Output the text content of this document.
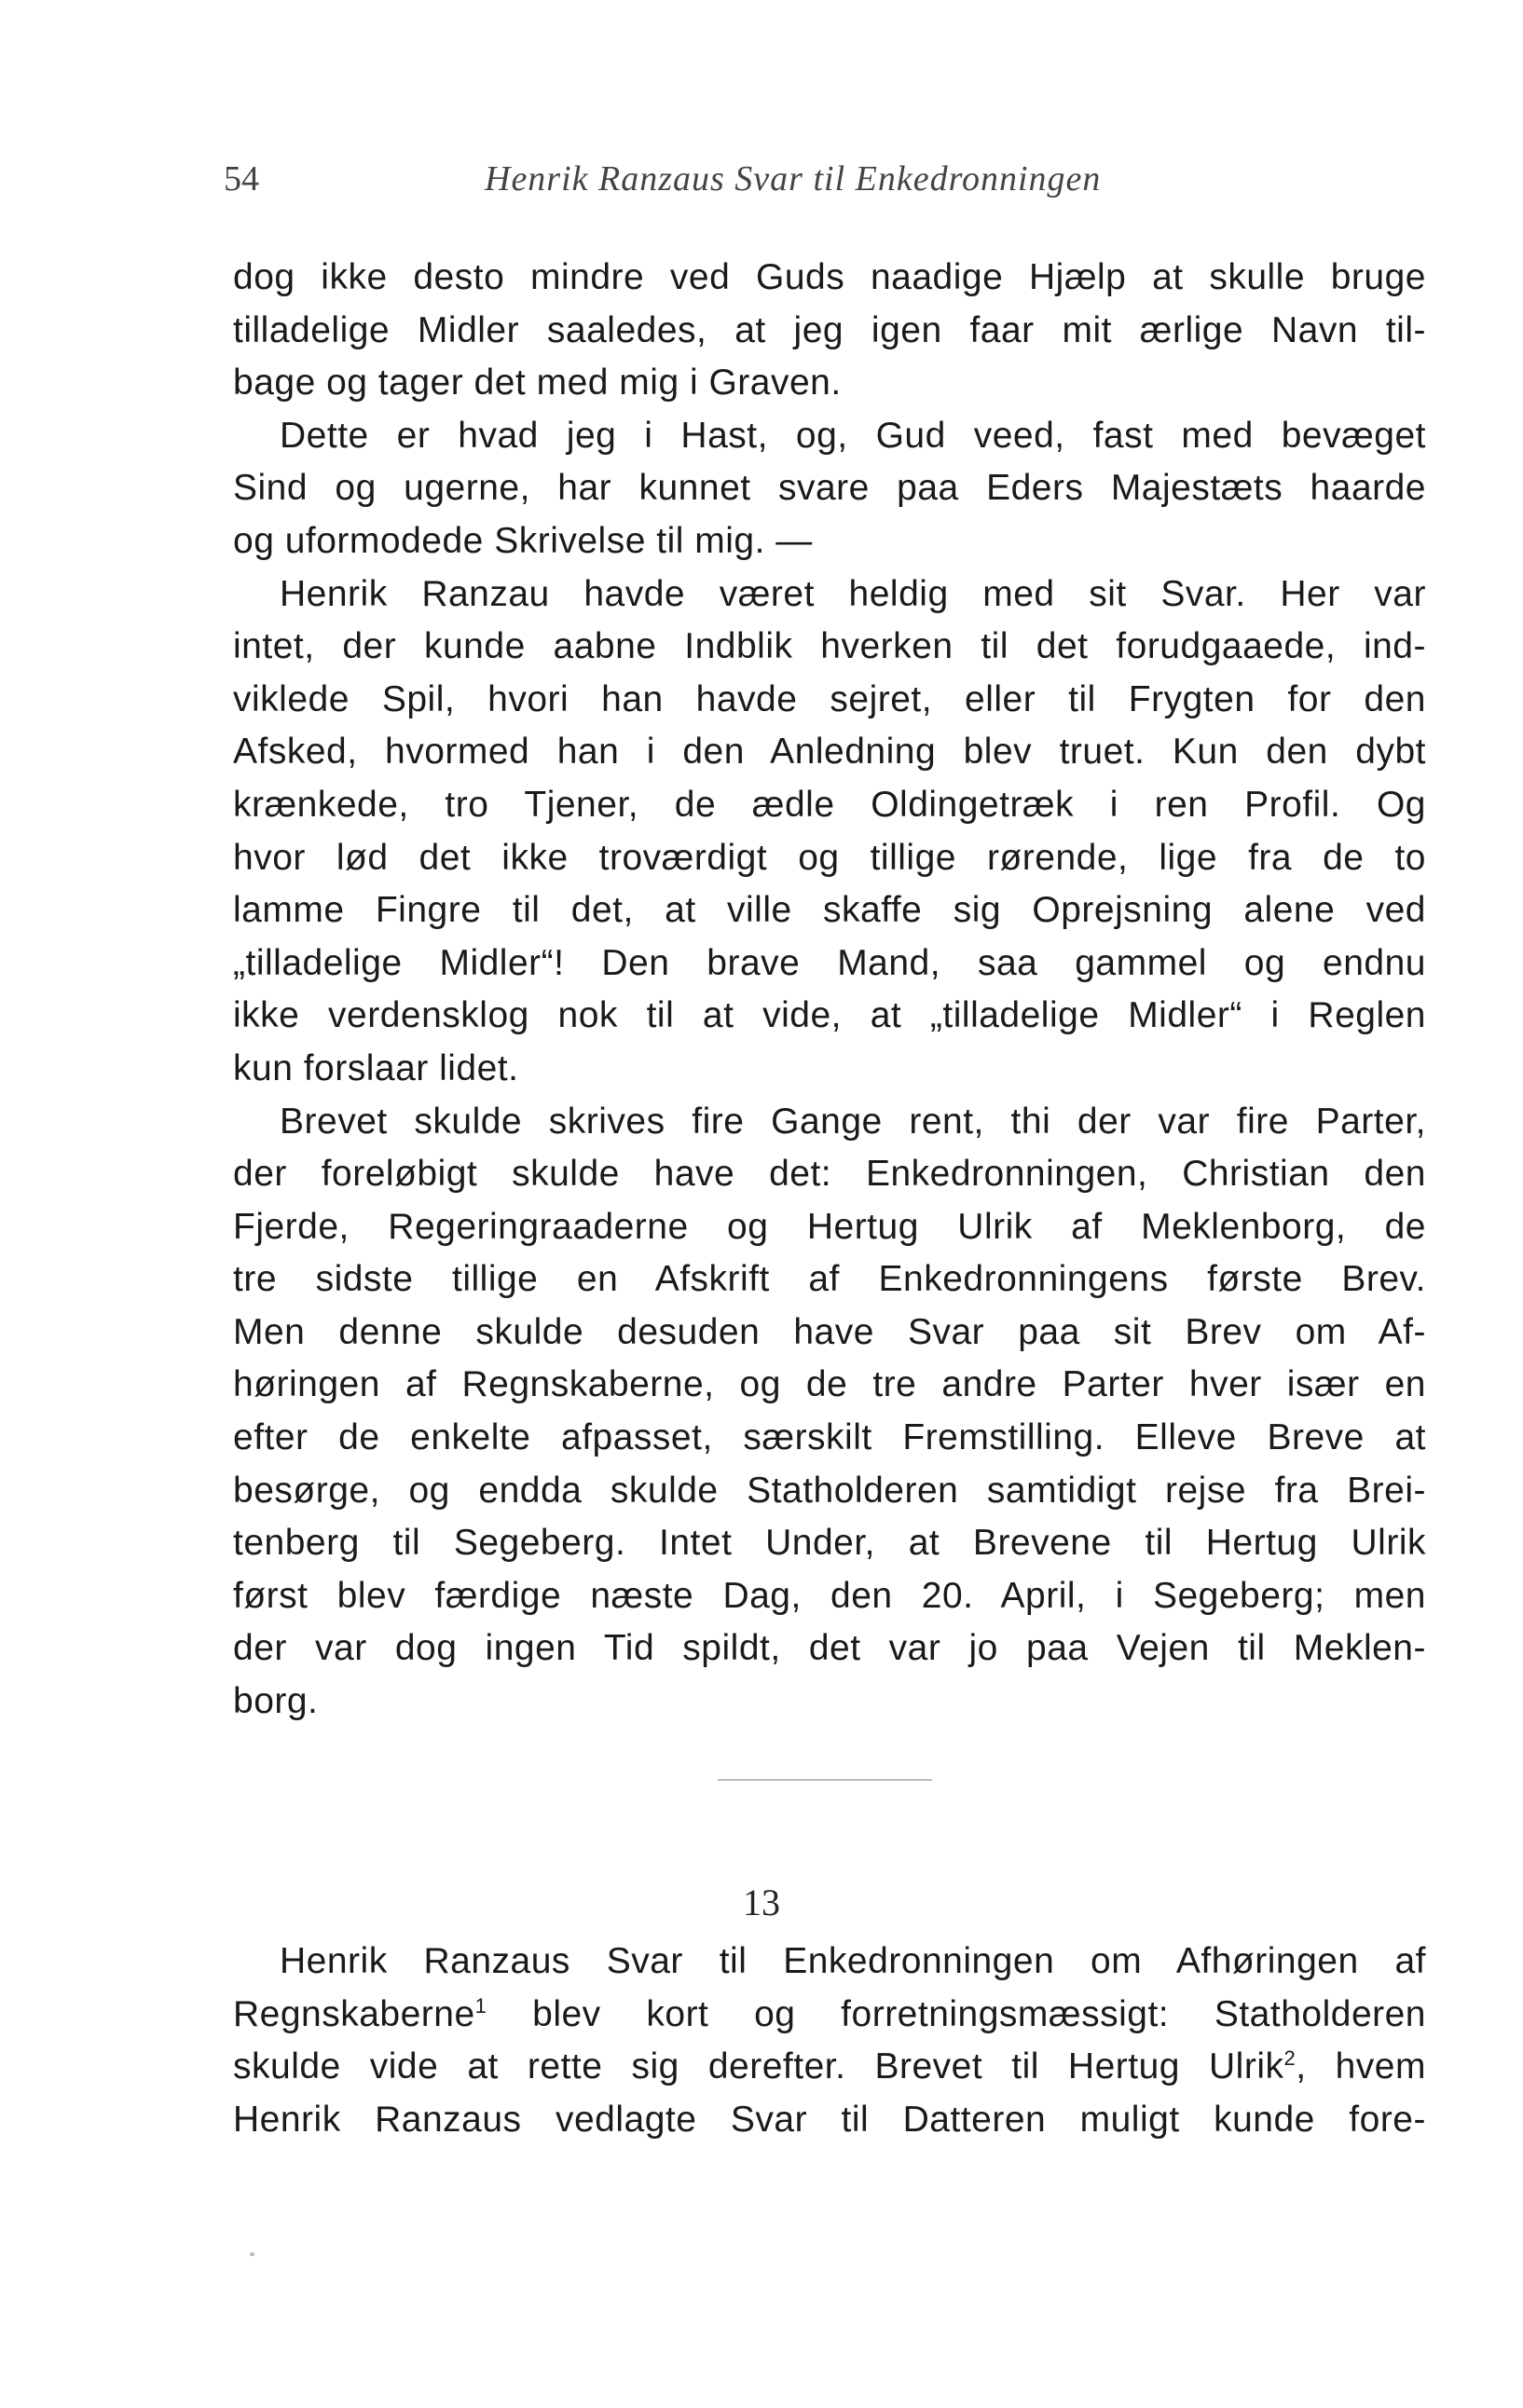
54	Henrik Ranzaus Svar til Enkedronningen
dog ikke desto mindre ved Guds naadige Hjælp at skulle bruge
tilladelige Midler saaledes, at jeg igen faar mit ærlige Navn til-
bage og tager det med mig i Graven.
Dette er hvad jeg i Hast, og, Gud veed, fast med bevæget
Sind og ugerne, har kunnet svare paa Eders Majestæts haarde
og uformodede Skrivelse til mig. —
Henrik Ranzau havde været heldig med sit Svar. Her var
intet, der kunde aabne Indblik hverken til det forudgaaede, ind-
viklede Spil, hvori han havde sejret, eller til Frygten for den
Afsked, hvormed han i den Anledning blev truet. Kun den dybt
krænkede, tro Tjener, de ædle Oldingetræk i ren Profil. Og
hvor lød det ikke troværdigt og tillige rørende, lige fra de to
lamme Fingre til det, at ville skaffe sig Oprejsning alene ved
„tilladelige Midler“! Den brave Mand, saa gammel og endnu
ikke verdensklog nok til at vide, at „tilladelige Midler“ i Reglen
kun forslaar lidet.
Brevet skulde skrives fire Gange rent, thi der var fire Parter,
der foreløbigt skulde have det: Enkedronningen, Christian den
Fjerde, Regeringraaderne og Hertug Ulrik af Meklenborg, de
tre sidste tillige en Afskrift af Enkedronningens første Brev.
Men denne skulde desuden have Svar paa sit Brev om Af-
høringen af Regnskaberne, og de tre andre Parter hver især en
efter de enkelte afpasset, særskilt Fremstilling. Elleve Breve at
besørge, og endda skulde Statholderen samtidigt rejse fra Brei-
tenberg til Segeberg. Intet Under, at Brevene til Hertug Ulrik
først blev færdige næste Dag, den 20. April, i Segeberg; men
der var dog ingen Tid spildt, det var jo paa Vejen til Meklen-
borg.
13
Henrik Ranzaus Svar til Enkedronningen om Afhøringen af
Regnskaberne$^1$ blev kort og forretningsmæssigt: Statholderen
skulde vide at rette sig derefter. Brevet til Hertug Ulrik$^2$, hvem
Henrik Ranzaus vedlagte Svar til Datteren muligt kunde fore-
